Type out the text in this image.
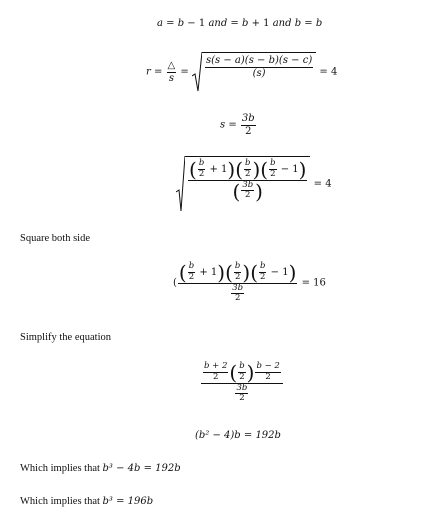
a = b − 1 and = b + 1 and b = b
$r = \frac{\triangle}{s} = \frac{s(s - a)(s - b)(s - c)}{(s)} = 4$
$s = \frac{3b}{2}$
$\frac{( \frac{b}{2} + 1)( \frac{b}{2} )( \frac{b}{2} - 1)}{( \frac{3b}{2} )} = 4$
Square both side
( $\frac{( \frac{b}{2} + 1)( \frac{b}{2} )( \frac{b}{2} - 1)}{\frac{3b}{2}} = 16$
Simplify the equation
$\frac{\frac{b + 2}{2} ( \frac{b}{2} ) \frac{b - 2}{2}}{\frac{3b}{2}}$
(b² − 4)b = 192b
Which implies that b³ − 4b = 192b
Which implies that b³ = 196b
